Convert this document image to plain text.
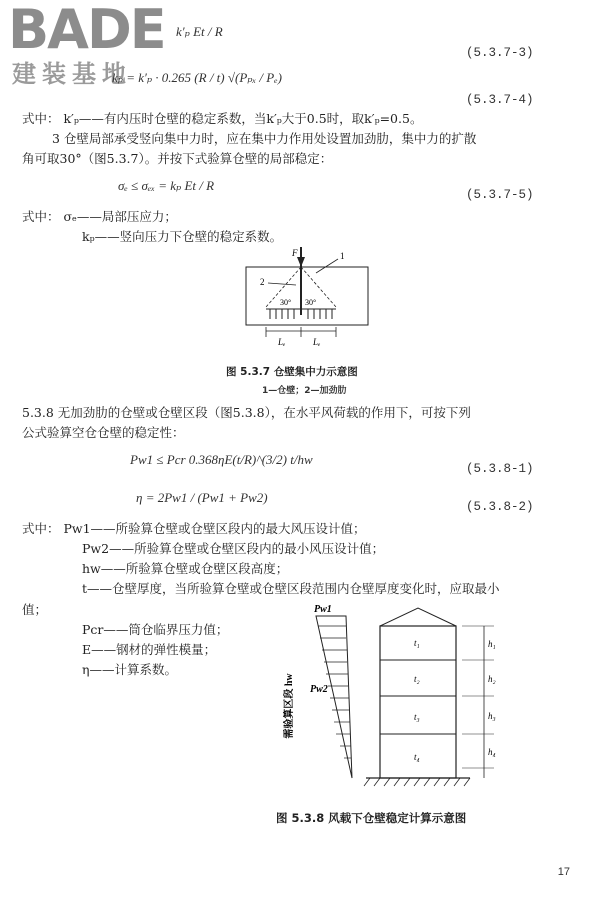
BADE
建装基地
k′ₚ Et / R
(5.3.7-3)
kₚ = k′ₚ · 0.265 (R / t) √(Pₚₓ / Pₑ)
(5.3.7-4)
式中： k′ₚ——有内压时仓壁的稳定系数，当k′ₚ大于0.5时，取k′ₚ=0.5。
3 仓壁局部承受竖向集中力时，应在集中力作用处设置加劲肋，集中力的扩散
角可取30°（图5.3.7）。并按下式验算仓壁的局部稳定：
σₑ ≤ σₑₓ = kₚ Et / R
(5.3.7-5)
式中： σₑ——局部压应力；
kₚ——竖向压力下仓壁的稳定系数。
F	1
2
30° 30°
Lₑ	Lₑ
图 5.3.7 仓壁集中力示意图
1—仓壁；2—加劲肋
5.3.8 无加劲肋的仓壁或仓壁区段（图5.3.8），在水平风荷载的作用下，可按下列
公式验算空仓仓壁的稳定性：
Pw1 ≤ Pcr 0.368ηE(t/R)^(3/2) t/hw
(5.3.8-1)
η = 2Pw1 / (Pw1 + Pw2)
(5.3.8-2)
式中： Pw1——所验算仓壁或仓壁区段内的最大风压设计值；
Pw2——所验算仓壁或仓壁区段内的最小风压设计值；
hw——所验算仓壁或仓壁区段高度；
t——仓壁厚度，当所验算仓壁或仓壁区段范围内仓壁厚度变化时，应取最小
值；
Pcr——筒仓临界压力值；
E——钢材的弹性模量；
η——计算系数。
需验算区段 hw
Pw1
Pw2
t₁
t₂
t₃
t₄
h₁
h₂
h₃
h₄
图 5.3.8 风载下仓壁稳定计算示意图
17
